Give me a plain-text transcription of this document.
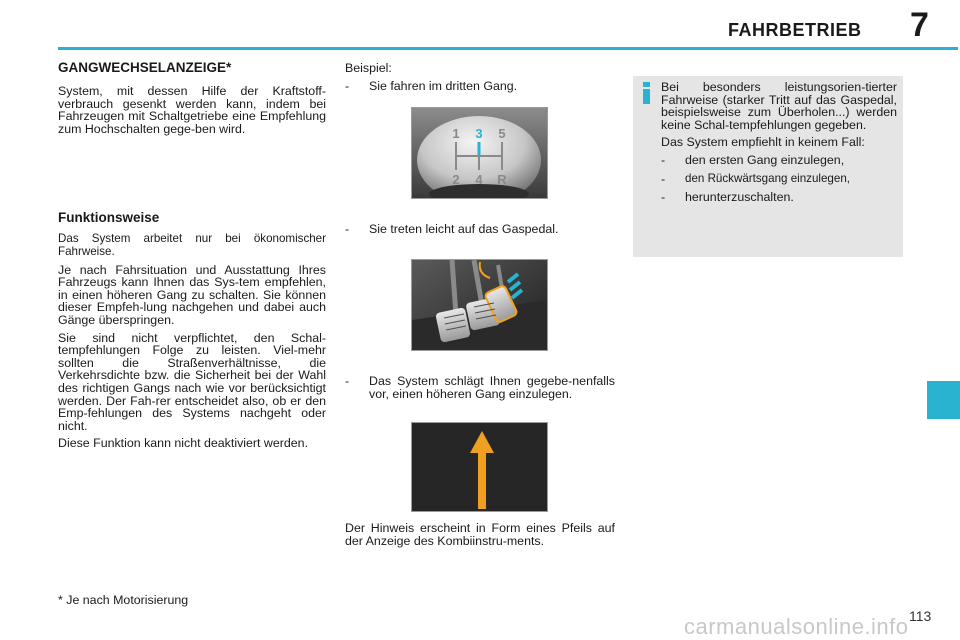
FAHRBETRIEB 7
GANGWECHSELANZEIGE*
System, mit dessen Hilfe der Kraftstoff-verbrauch gesenkt werden kann, indem bei Fahrzeugen mit Schaltgetriebe eine Empfehlung zum Hochschalten gege-ben wird.
Funktionsweise
Das System arbeitet nur bei ökonomischer Fahrweise.
Je nach Fahrsituation und Ausstattung Ihres Fahrzeugs kann Ihnen das Sys-tem empfehlen, in einen höheren Gang zu schalten. Sie können dieser Empfeh-lung nachgehen und dabei auch Gänge überspringen.
Sie sind nicht verpflichtet, den Schal-tempfehlungen Folge zu leisten. Viel-mehr sollten die Straßenverhältnisse, die Verkehrsdichte bzw. die Sicherheit bei der Wahl des richtigen Gangs nach wie vor berücksichtigt werden. Der Fah-rer entscheidet also, ob er den Emp-fehlungen des Systems nachgeht oder nicht.
Diese Funktion kann nicht deaktiviert werden.
Beispiel:
-	Sie fahren im dritten Gang.
1 3 5
2 4 R
-	Sie treten leicht auf das Gaspedal.
-	Das System schlägt Ihnen gegebe-nenfalls vor, einen höheren Gang einzulegen.
Der Hinweis erscheint in Form eines Pfeils auf der Anzeige des Kombiinstru-ments.
Bei besonders leistungsorien-tierter Fahrweise (starker Tritt auf das Gaspedal, beispielsweise zum Überholen...) werden keine Schal-tempfehlungen gegeben.
Das System empfiehlt in keinem Fall:
-	den ersten Gang einzulegen,
-	den Rückwärtsgang einzulegen,
-	herunterzuschalten.
* Je nach Motorisierung
113
carmanualsonline.info
